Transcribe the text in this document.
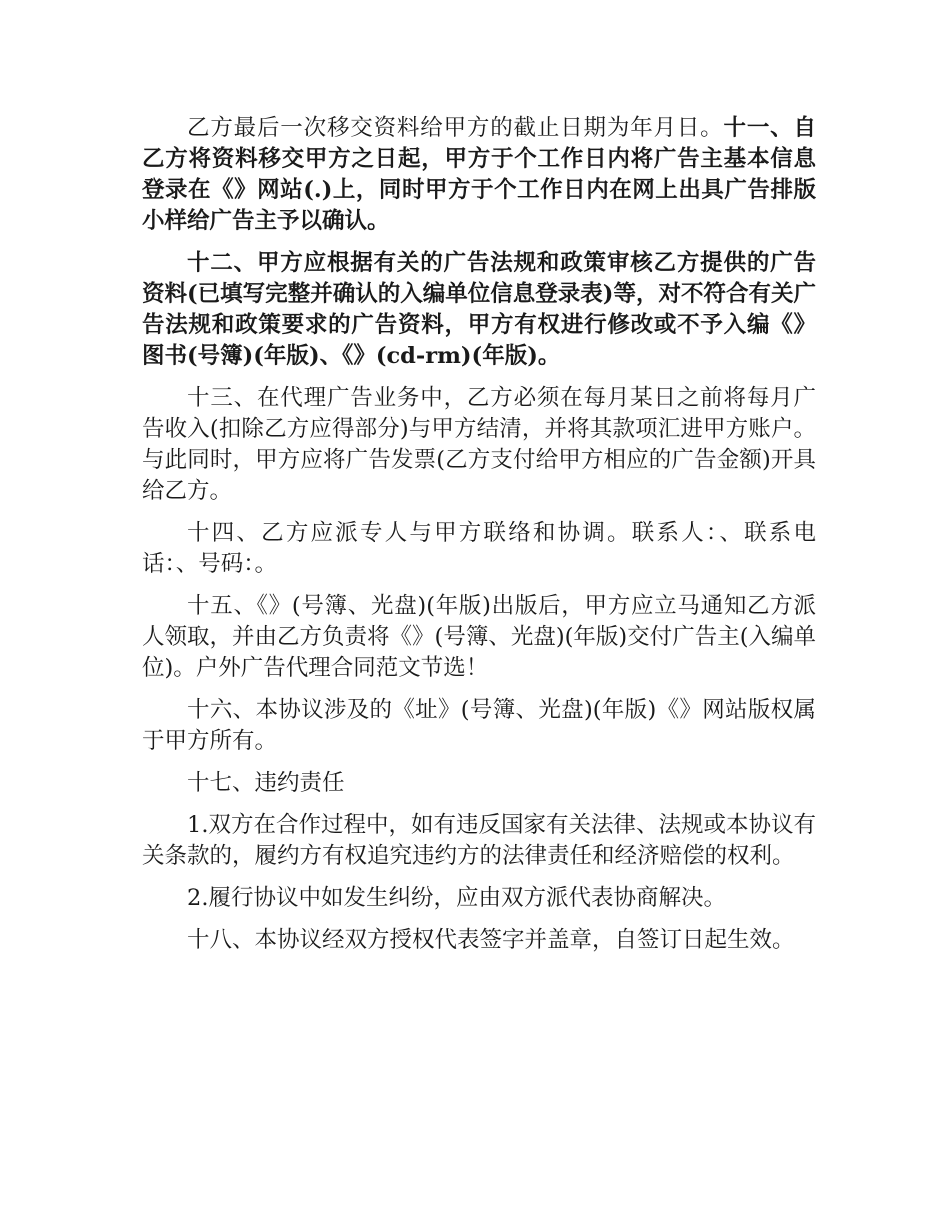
乙方最后一次移交资料给甲方的截止日期为年月日。十一、自乙方将资料移交甲方之日起，甲方于个工作日内将广告主基本信息登录在《》网站(.)上，同时甲方于个工作日内在网上出具广告排版小样给广告主予以确认。

十二、甲方应根据有关的广告法规和政策审核乙方提供的广告资料(已填写完整并确认的入编单位信息登录表)等，对不符合有关广告法规和政策要求的广告资料，甲方有权进行修改或不予入编《》图书(号簿)(年版)、《》(cd-rm)(年版)。

十三、在代理广告业务中，乙方必须在每月某日之前将每月广告收入(扣除乙方应得部分)与甲方结清，并将其款项汇进甲方账户。与此同时，甲方应将广告发票(乙方支付给甲方相应的广告金额)开具给乙方。

十四、乙方应派专人与甲方联络和协调。联系人：、联系电话：、号码：。

十五、《》(号簿、光盘)(年版)出版后，甲方应立马通知乙方派人领取，并由乙方负责将《》(号簿、光盘)(年版)交付广告主(入编单位)。户外广告代理合同范文节选！

十六、本协议涉及的《址》(号簿、光盘)(年版)《》网站版权属于甲方所有。

十七、违约责任

1.双方在合作过程中，如有违反国家有关法律、法规或本协议有关条款的，履约方有权追究违约方的法律责任和经济赔偿的权利。

2.履行协议中如发生纠纷，应由双方派代表协商解决。

十八、本协议经双方授权代表签字并盖章，自签订日起生效。
